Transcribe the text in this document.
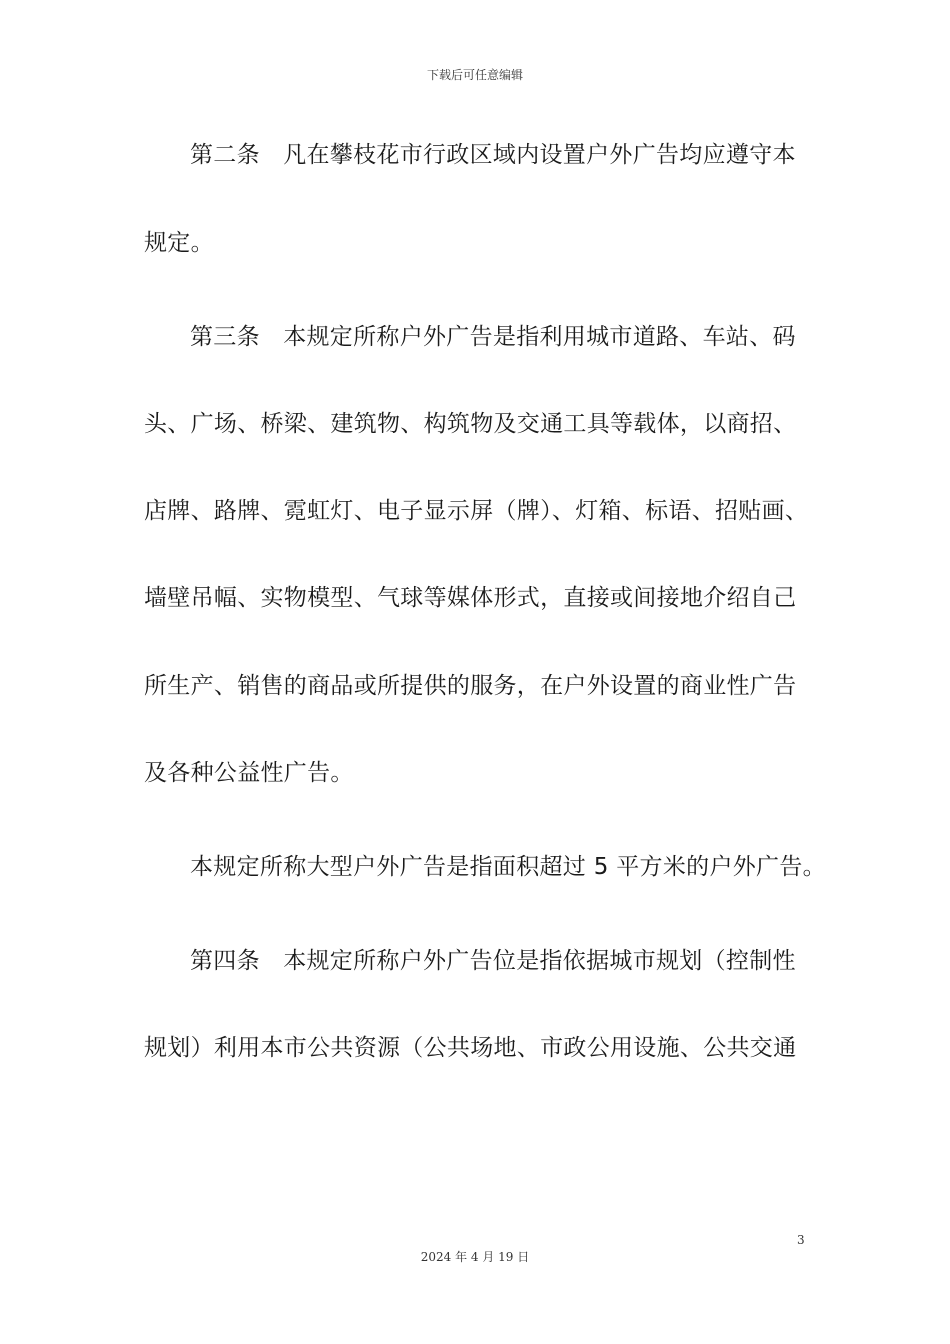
下载后可任意编辑
第二条　凡在攀枝花市行政区域内设置户外广告均应遵守本
规定。
第三条　本规定所称户外广告是指利用城市道路、车站、码
头、广场、桥梁、建筑物、构筑物及交通工具等载体，以商招、
店牌、路牌、霓虹灯、电子显示屏（牌）、灯箱、标语、招贴画、
墙壁吊幅、实物模型、气球等媒体形式，直接或间接地介绍自己
所生产、销售的商品或所提供的服务，在户外设置的商业性广告
及各种公益性广告。
本规定所称大型户外广告是指面积超过 5 平方米的户外广告。
第四条　本规定所称户外广告位是指依据城市规划（控制性
规划）利用本市公共资源（公共场地、市政公用设施、公共交通
3
2024 年 4 月 19 日
